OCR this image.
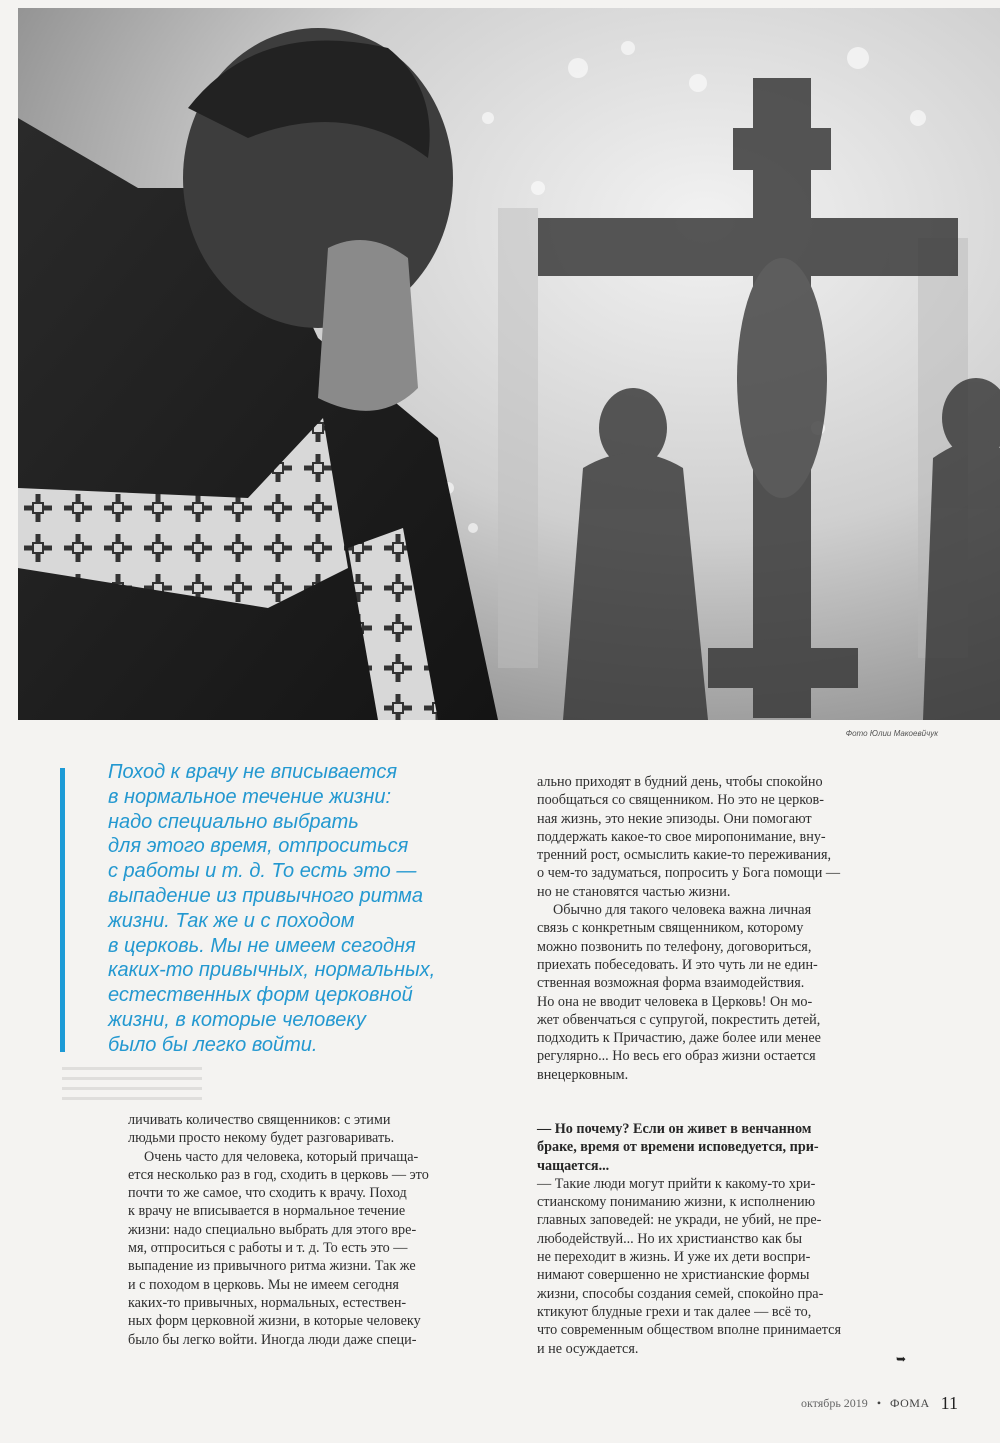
Фото Юлии Макоевйчук
Поход к врачу не вписывается
в нормальное течение жизни:
надо специально выбрать
для этого время, отпроситься
с работы и т. д. То есть это —
выпадение из привычного ритма
жизни. Так же и с походом
в церковь. Мы не имеем сегодня
каких-то привычных, нормальных,
естественных форм церковной
жизни, в которые человеку
было бы легко войти.
личивать количество священников: с этими
людьми просто некому будет разговаривать.
Очень часто для человека, который причаща-
ется несколько раз в год, сходить в церковь — это
почти то же самое, что сходить к врачу. Поход
к врачу не вписывается в нормальное течение
жизни: надо специально выбрать для этого вре-
мя, отпроситься с работы и т. д. То есть это —
выпадение из привычного ритма жизни. Так же
и с походом в церковь. Мы не имеем сегодня
каких-то привычных, нормальных, естествен-
ных форм церковной жизни, в которые человеку
было бы легко войти. Иногда люди даже специ-
ально приходят в будний день, чтобы спокойно
пообщаться со священником. Но это не церков-
ная жизнь, это некие эпизоды. Они помогают
поддержать какое-то свое миропонимание, вну-
тренний рост, осмыслить какие-то переживания,
о чем-то задуматься, попросить у Бога помощи —
но не становятся частью жизни.
Обычно для такого человека важна личная
связь с конкретным священником, которому
можно позвонить по телефону, договориться,
приехать побеседовать. И это чуть ли не един-
ственная возможная форма взаимодействия.
Но она не вводит человека в Церковь! Он мо-
жет обвенчаться с супругой, покрестить детей,
подходить к Причастию, даже более или менее
регулярно... Но весь его образ жизни остается
внецерковным.
— Но почему? Если он живет в венчанном
браке, время от времени исповедуется, при-
чащается...
— Такие люди могут прийти к какому-то хри-
стианскому пониманию жизни, к исполнению
главных заповедей: не укради, не убий, не пре-
любодействуй... Но их христианство как бы
не переходит в жизнь. И уже их дети воспри-
нимают совершенно не христианские формы
жизни, способы создания семей, спокойно пра-
ктикуют блудные грехи и так далее — всё то,
что современным обществом вполне принимается
и не осуждается.
➥
октябрь 2019 • ФОМА 11
